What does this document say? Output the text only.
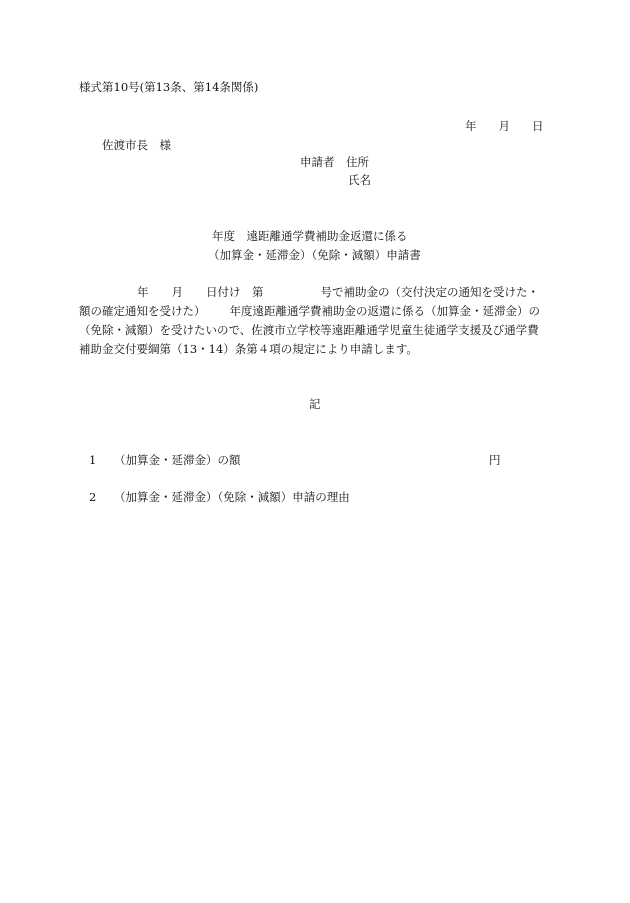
様式第10号(第13条、第14条関係)
年 月 日
佐渡市長　様
申請者　住所
氏名
年度　遠距離通学費補助金返還に係る
（加算金・延滞金）（免除・減額）申請書
年 月 日付け　第	号で補助金の（交付決定の通知を受けた・
額の確定通知を受けた） 年度遠距離通学費補助金の返還に係る（加算金・延滞金）の
（免除・減額）を受けたいので、佐渡市立学校等遠距離通学児童生徒通学支援及び通学費
補助金交付要綱第（13・14）条第４項の規定により申請します。
記
1 （加算金・延滞金）の額	円
2 （加算金・延滞金）（免除・減額）申請の理由
